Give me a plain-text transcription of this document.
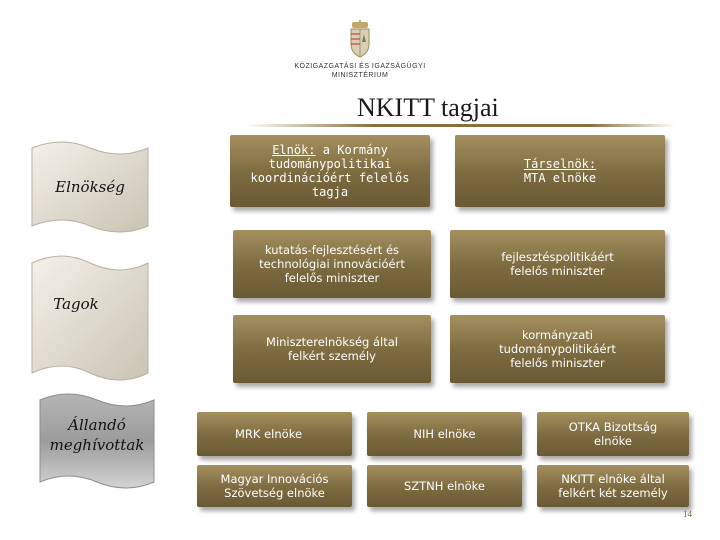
KÖZIGAZGATÁSI ÉS IGAZSÁGÜGYI
MINISZTÉRIUM
NKITT tagjai
Elnökség
Tagok
Állandó
meghívottak
Elnök: a Kormány tudománypolitikai koordinációért felelős tagja
Társelnök:
MTA elnöke
kutatás-fejlesztésért és technológiai innovációért felelős miniszter
fejlesztéspolitikáért felelős miniszter
Miniszterelnökség által felkért személy
kormányzati tudománypolitikáért felelős miniszter
MRK elnöke	NIH elnöke	OTKA Bizottság elnöke
Magyar Innovációs Szövetség elnöke	SZTNH elnöke	NKITT elnöke által felkért két személy
14
